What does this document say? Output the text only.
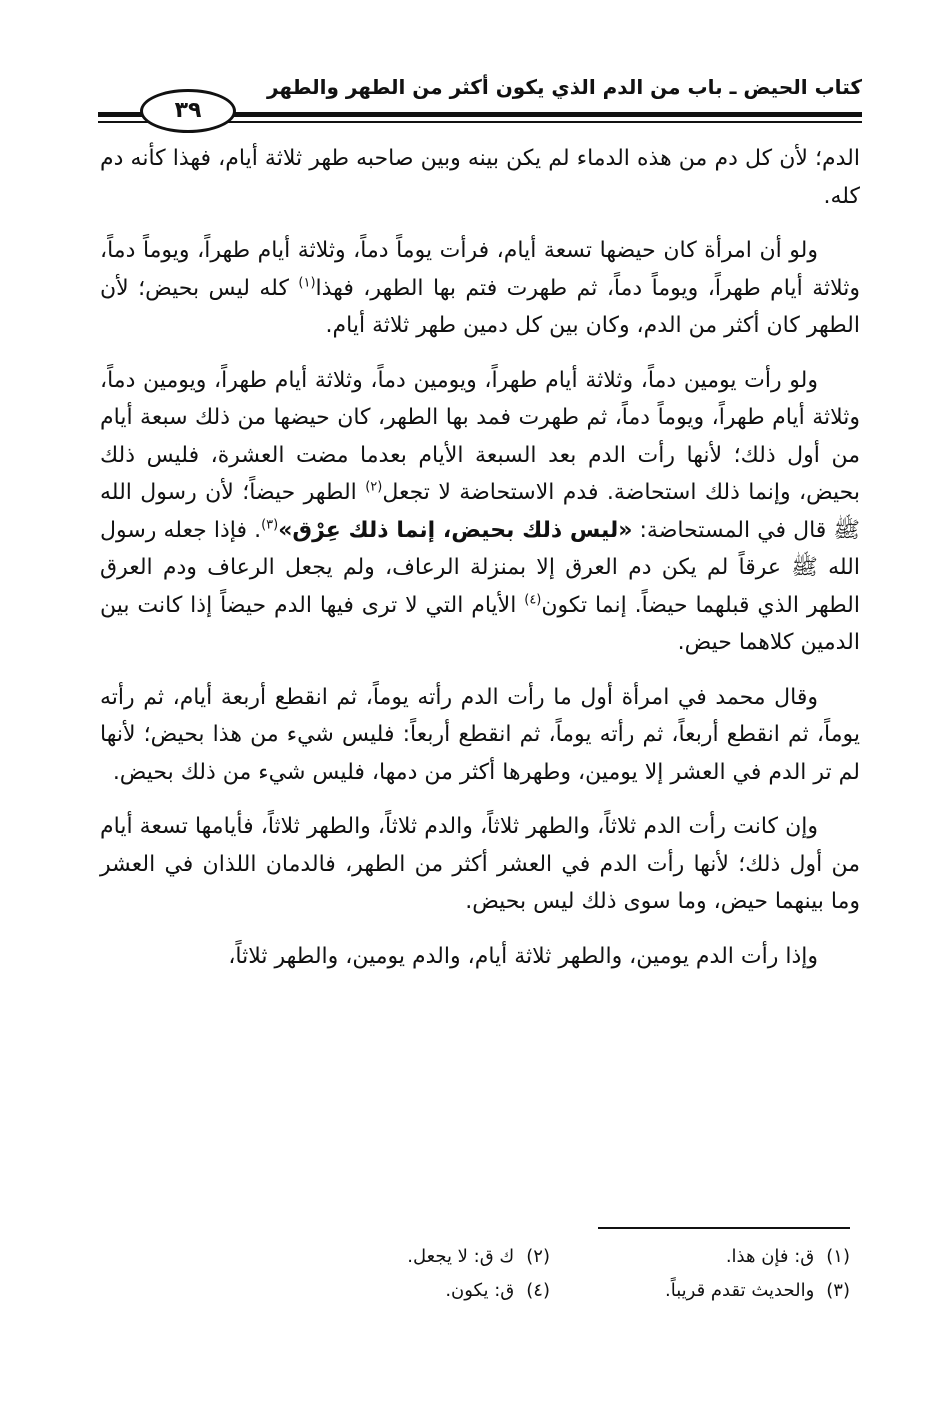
كتاب الحيض ـ باب من الدم الذي يكون أكثر من الطهر والطهر
٣٩

الدم؛ لأن كل دم من هذه الدماء لم يكن بينه وبين صاحبه طهر ثلاثة أيام، فهذا كأنه دم كله.

ولو أن امرأة كان حيضها تسعة أيام، فرأت يوماً دماً، وثلاثة أيام طهراً، ويوماً دماً، وثلاثة أيام طهراً، ويوماً دماً، ثم طهرت فتم بها الطهر، فهذا$^{(١)}$ كله ليس بحيض؛ لأن الطهر كان أكثر من الدم، وكان بين كل دمين طهر ثلاثة أيام.

ولو رأت يومين دماً، وثلاثة أيام طهراً، ويومين دماً، وثلاثة أيام طهراً، ويومين دماً، وثلاثة أيام طهراً، ويوماً دماً، ثم طهرت فمد بها الطهر، كان حيضها من ذلك سبعة أيام من أول ذلك؛ لأنها رأت الدم بعد السبعة الأيام بعدما مضت العشرة، فليس ذلك بحيض، وإنما ذلك استحاضة. فدم الاستحاضة لا تجعل$^{(٢)}$ الطهر حيضاً؛ لأن رسول الله ﷺ قال في المستحاضة: «ليس ذلك بحيض، إنما ذلك عِرْق»$^{(٣)}$. فإذا جعله رسول الله ﷺ عرقاً لم يكن دم العرق إلا بمنزلة الرعاف، ولم يجعل الرعاف ودم العرق الطهر الذي قبلهما حيضاً. إنما تكون$^{(٤)}$ الأيام التي لا ترى فيها الدم حيضاً إذا كانت بين الدمين كلاهما حيض.

وقال محمد في امرأة أول ما رأت الدم رأته يوماً، ثم انقطع أربعة أيام، ثم رأته يوماً، ثم انقطع أربعاً، ثم رأته يوماً، ثم انقطع أربعاً: فليس شيء من هذا بحيض؛ لأنها لم تر الدم في العشر إلا يومين، وطهرها أكثر من دمها، فليس شيء من ذلك بحيض.

وإن كانت رأت الدم ثلاثاً، والطهر ثلاثاً، والدم ثلاثاً، والطهر ثلاثاً، فأيامها تسعة أيام من أول ذلك؛ لأنها رأت الدم في العشر أكثر من الطهر، فالدمان اللذان في العشر وما بينهما حيض، وما سوى ذلك ليس بحيض.

وإذا رأت الدم يومين، والطهر ثلاثة أيام، والدم يومين، والطهر ثلاثاً،

(١)ق: فإن هذا.
(٢)ك ق: لا يجعل.
(٣)والحديث تقدم قريباً.
(٤)ق: يكون.
